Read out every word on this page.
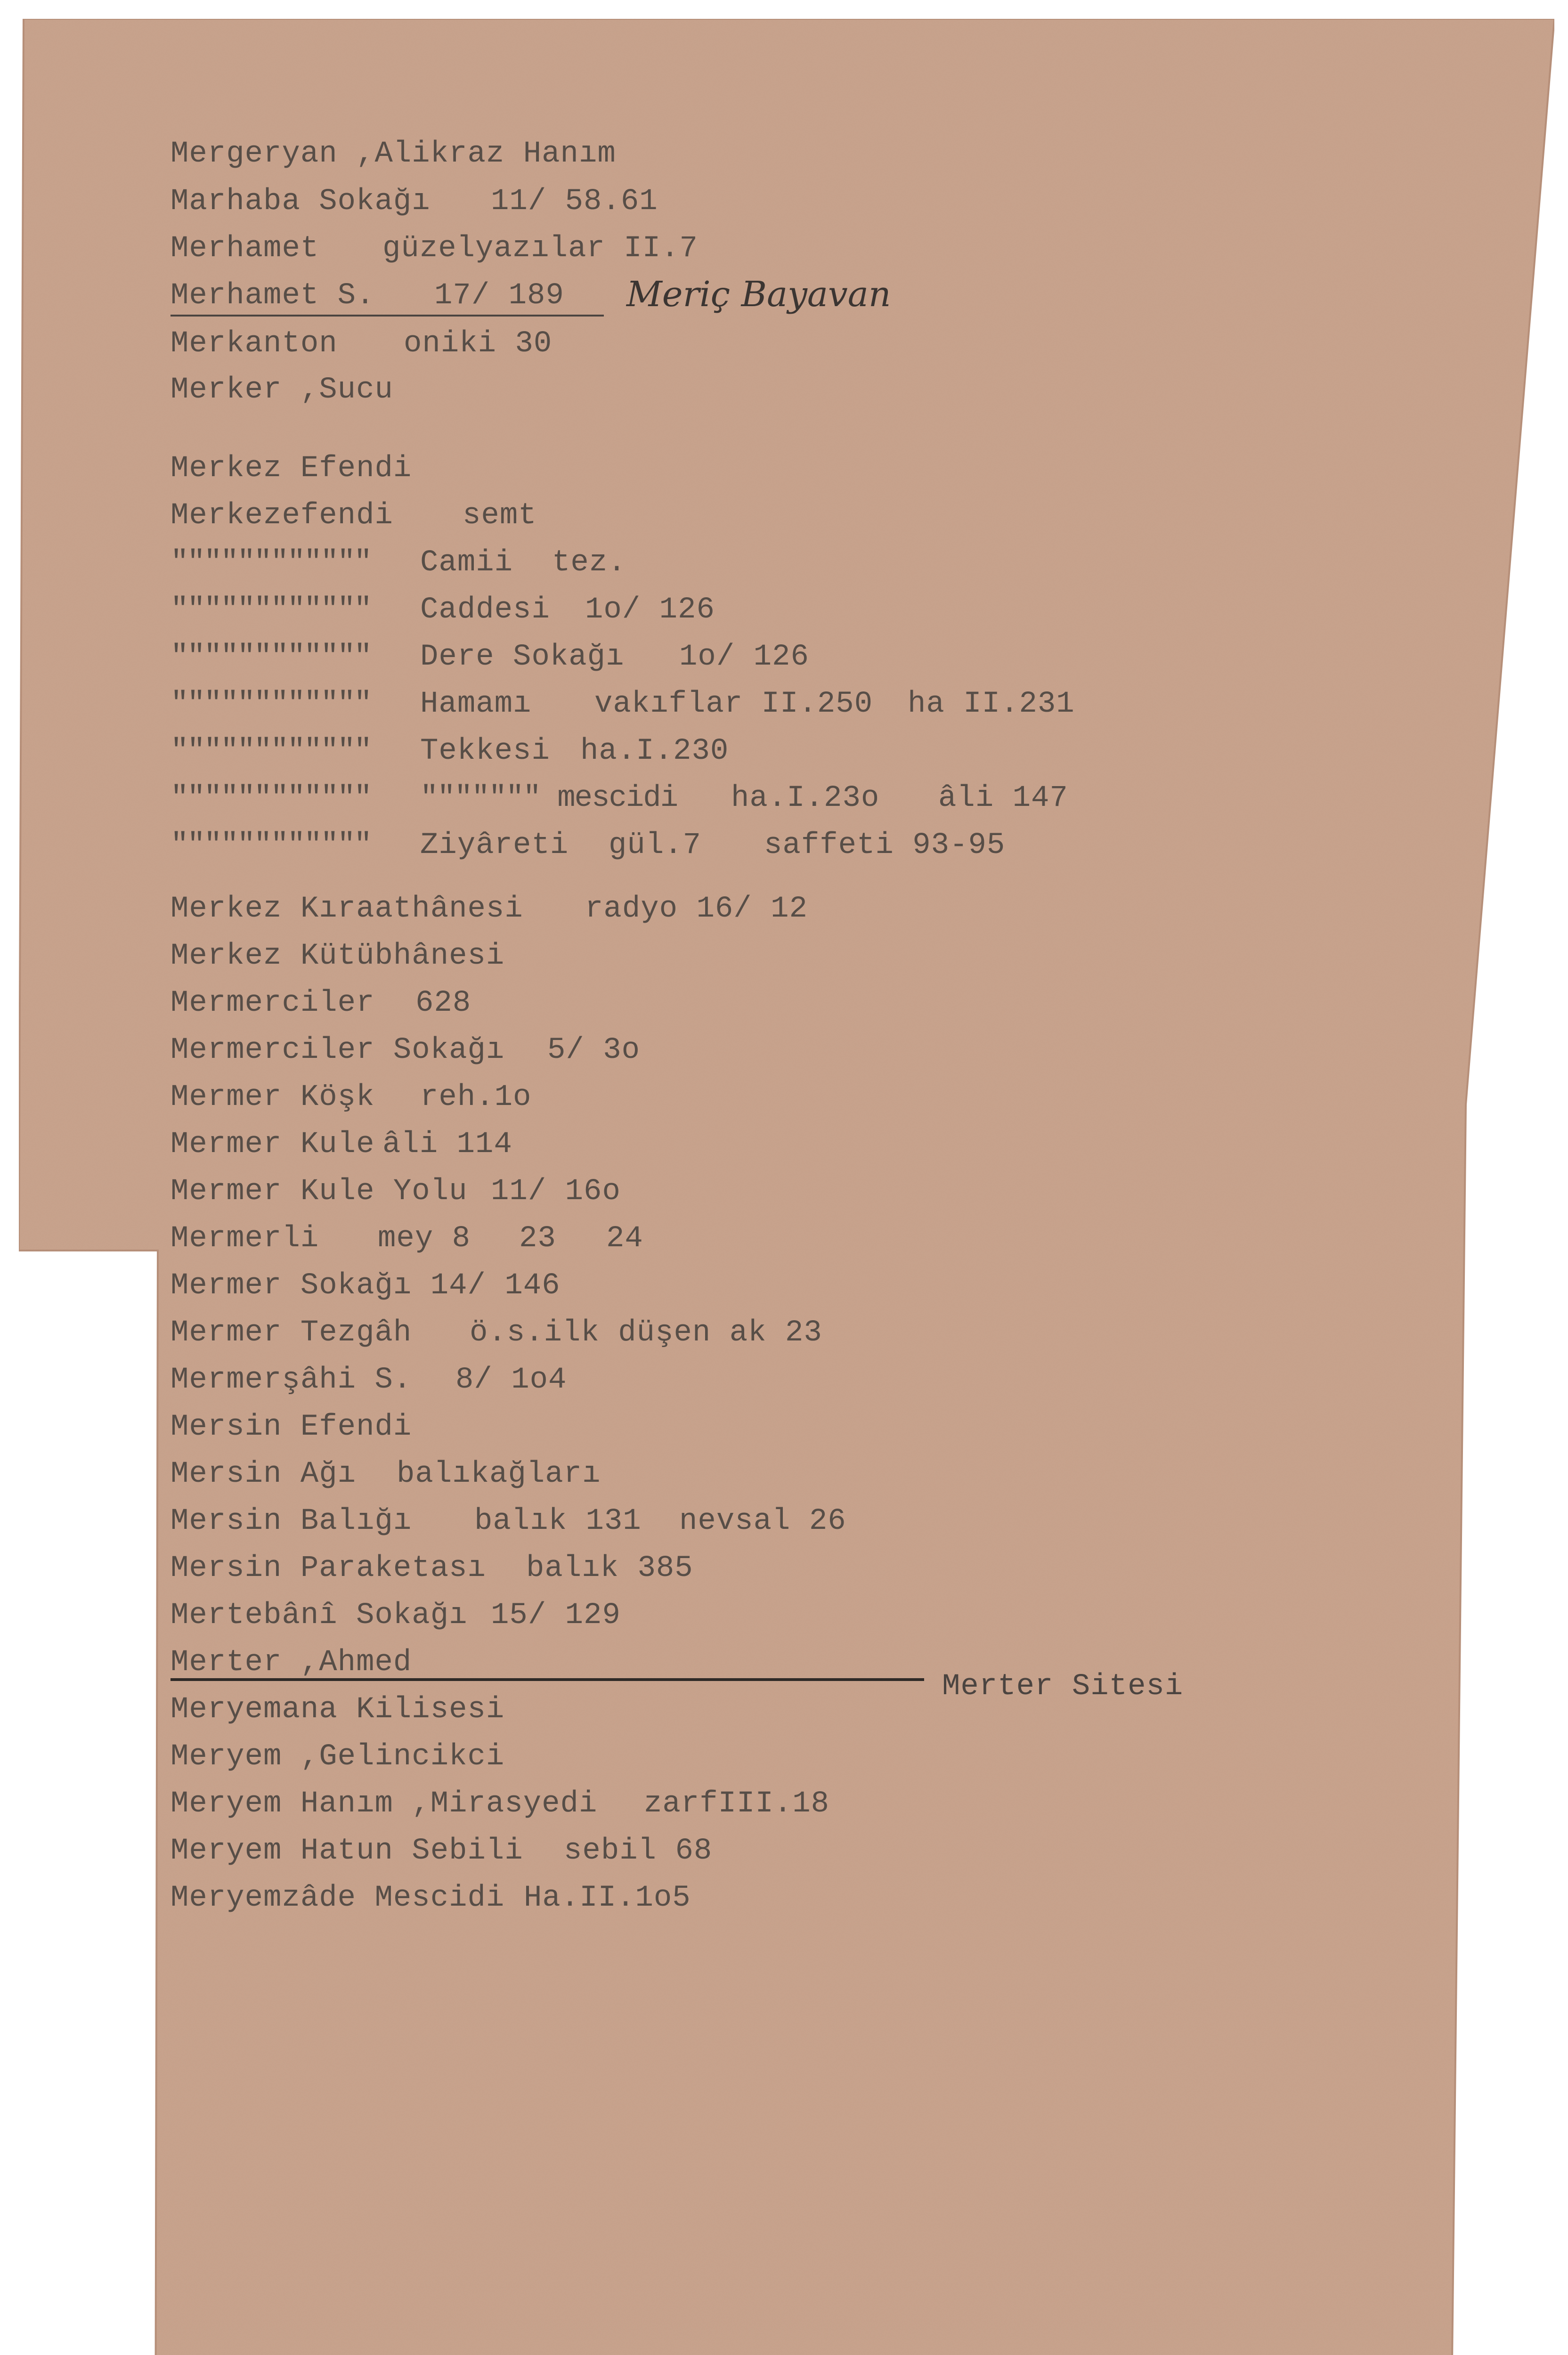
Mergeryan ,Alikraz Hanım

Marhaba Sokağı

11/ 58.61

Merhamet

güzelyazılar II.7

Merhamet S.

17/ 189

Meriç Bayavan

Merkanton

oniki 30

Merker ,Sucu

Merkez Efendi

Merkezefendi

semt

""""""""""""

Camii

tez.

""""""""""""

Caddesi

1o/ 126

""""""""""""

Dere Sokağı

1o/ 126

""""""""""""

Hamamı

vakıflar II.250

ha II.231

""""""""""""

Tekkesi

ha.I.230

""""""""""""

""""""" mescidi

ha.I.23o

âli 147

""""""""""""

Ziyâreti

gül.7

saffeti 93-95

Merkez Kıraathânesi

radyo 16/ 12

Merkez Kütübhânesi

Mermerciler

628

Mermerciler Sokağı

5/ 3o

Mermer Köşk

reh.1o

Mermer Kule

âli 114

Mermer Kule Yolu

11/ 16o

Mermerli

mey 8

23

24

Mermer Sokağı 14/ 146

Mermer Tezgâh

ö.s.ilk düşen ak 23

Mermerşâhi S.

8/ 1o4

Mersin Efendi

Mersin Ağı

balıkağları

Mersin Balığı

balık 131

nevsal 26

Mersin Paraketası

balık 385

Mertebânî Sokağı

15/ 129

Merter ,Ahmed

Merter Sitesi

Meryemana Kilisesi

Meryem ,Gelincikci

Meryem Hanım ,Mirasyedi

zarfIII.18

Meryem Hatun Sebili

sebil 68

Meryemzâde Mescidi

Ha.II.1o5
